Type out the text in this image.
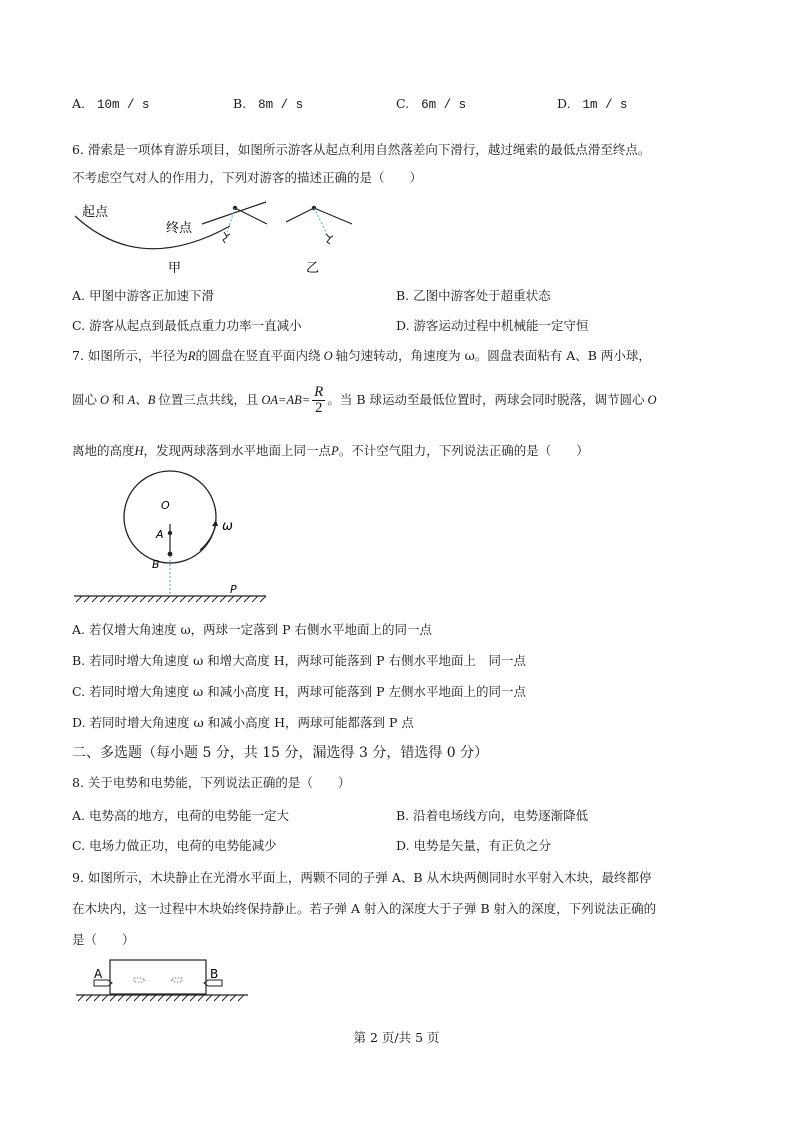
A. 10m / s	B. 8m / s	C. 6m / s	D. 1m / s
6. 滑索是一项体育游乐项目，如图所示游客从起点利用自然落差向下滑行，越过绳索的最低点滑至终点。
不考虑空气对人的作用力，下列对游客的描述正确的是（　　）
起点
终点
甲	乙
A. 甲图中游客正加速下滑	B. 乙图中游客处于超重状态
C. 游客从起点到最低点重力功率一直减小	D. 游客运动过程中机械能一定守恒
7. 如图所示，半径为R的圆盘在竖直平面内绕 O 轴匀速转动，角速度为 ω。圆盘表面粘有 A、B 两小球，
圆心 O 和 A、B 位置三点共线，且 $OA=AB= \frac{R}{2}$ 。当 B 球运动至最低位置时，两球会同时脱落，调节圆心 O
离地的高度H，发现两球落到水平地面上同一点P。不计空气阻力，下列说法正确的是（　　）
O
A
B
ω
P
A. 若仅增大角速度 ω，两球一定落到 P 右侧水平地面上的同一点
B. 若同时增大角速度 ω 和增大高度 H，两球可能落到 P 右侧水平地面上　同一点
C. 若同时增大角速度 ω 和减小高度 H，两球可能落到 P 左侧水平地面上的同一点
D. 若同时增大角速度 ω 和减小高度 H，两球可能都落到 P 点
二、多选题（每小题 5 分，共 15 分，漏选得 3 分，错选得 0 分）
8. 关于电势和电势能，下列说法正确的是（　　）
A. 电势高的地方，电荷的电势能一定大	B. 沿着电场线方向，电势逐渐降低
C. 电场力做正功，电荷的电势能减少	D. 电势是矢量，有正负之分
9. 如图所示，木块静止在光滑水平面上，两颗不同的子弹 A、B 从木块两侧同时水平射入木块，最终都停
在木块内，这一过程中木块始终保持静止。若子弹 A 射入的深度大于子弹 B 射入的深度，下列说法正确的
是（　　）
A	B
第 2 页/共 5 页
